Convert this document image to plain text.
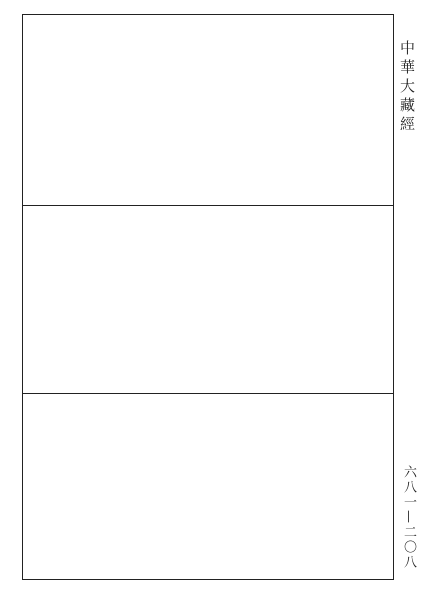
中華大藏經
六八一—二〇八
